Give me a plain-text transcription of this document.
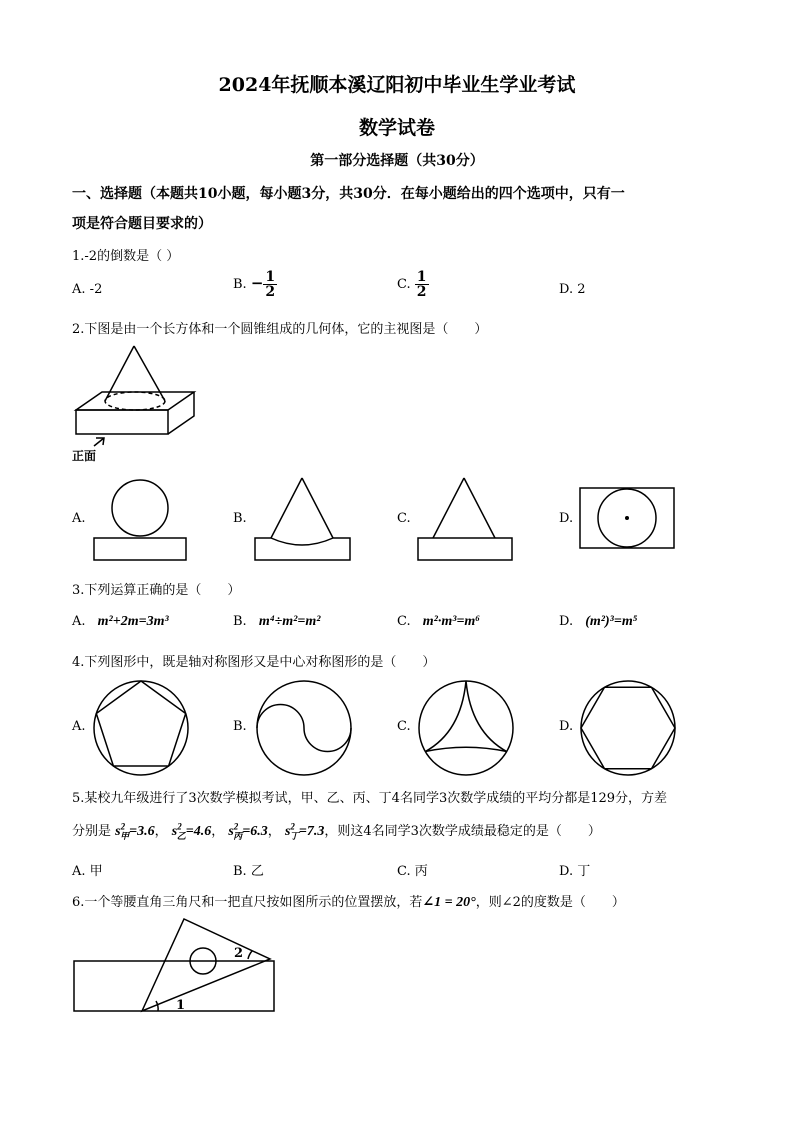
2024年抚顺本溪辽阳初中毕业生学业考试
数学试卷
第一部分选择题（共30分）
一、选择题（本题共10小题，每小题3分，共30分．在每小题给出的四个选项中，只有一
项是符合题目要求的）
1.-2的倒数是（ ）
A. -2	B. − $\frac{1}{2}$	C. $\frac{1}{2}$	D. 2
2.下图是由一个长方体和一个圆锥组成的几何体，它的主视图是（　　）
正面
A.	B.	C.	D.
3.下列运算正确的是（　　）
A. m²+2m=3m³	B. m⁴÷m²=m²	C. m²·m³=m⁶	D. (m²)³=m⁵
4.下列图形中，既是轴对称图形又是中心对称图形的是（　　）
A.	B.	C.	D.
5.某校九年级进行了3次数学模拟考试，甲、乙、丙、丁4名同学3次数学成绩的平均分都是129分，方差
分别是 $s^2_甲=3.6$， $s^2_乙=4.6$， $s^2_丙=6.3$， $s^2_丁=7.3$，则这4名同学3次数学成绩最稳定的是（　　）
A. 甲	B. 乙	C. 丙	D. 丁
6.一个等腰直角三角尺和一把直尺按如图所示的位置摆放，若∠1 = 20°，则∠2的度数是（　　）
1
2
